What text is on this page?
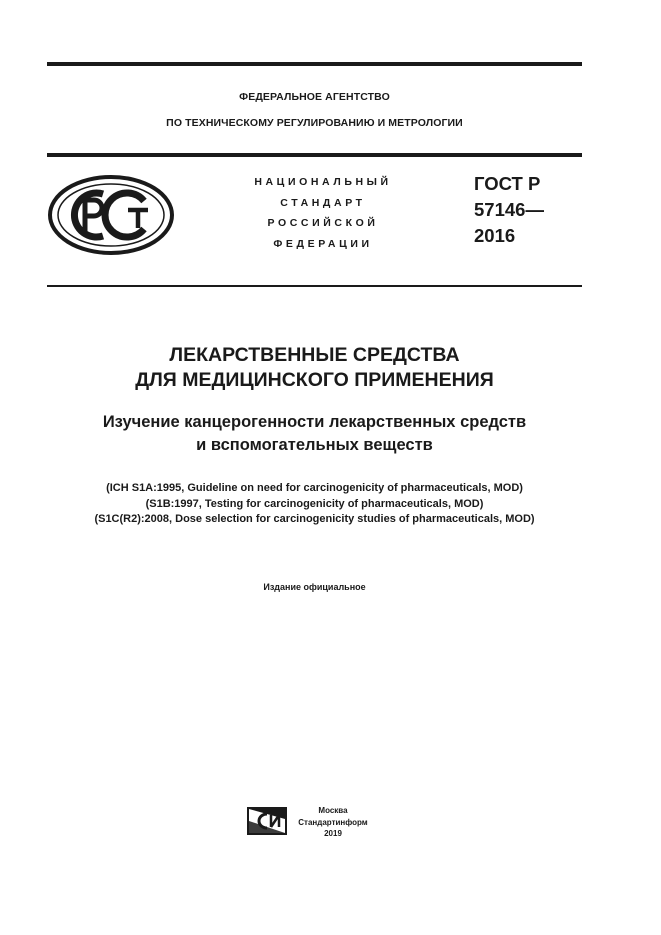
ФЕДЕРАЛЬНОЕ АГЕНТСТВО
ПО ТЕХНИЧЕСКОМУ РЕГУЛИРОВАНИЮ И МЕТРОЛОГИИ
НАЦИОНАЛЬНЫЙ
СТАНДАРТ
РОССИЙСКОЙ
ФЕДЕРАЦИИ
ГОСТ Р
57146—
2016
ЛЕКАРСТВЕННЫЕ СРЕДСТВА
ДЛЯ МЕДИЦИНСКОГО ПРИМЕНЕНИЯ
Изучение канцерогенности лекарственных средств
и вспомогательных веществ
(ICH S1A:1995, Guideline on need for carcinogenicity of pharmaceuticals, MOD)
(S1B:1997, Testing for carcinogenicity of pharmaceuticals, MOD)
(S1C(R2):2008, Dose selection for carcinogenicity studies of pharmaceuticals, MOD)
Издание официальное
Москва
Стандартинформ
2019
